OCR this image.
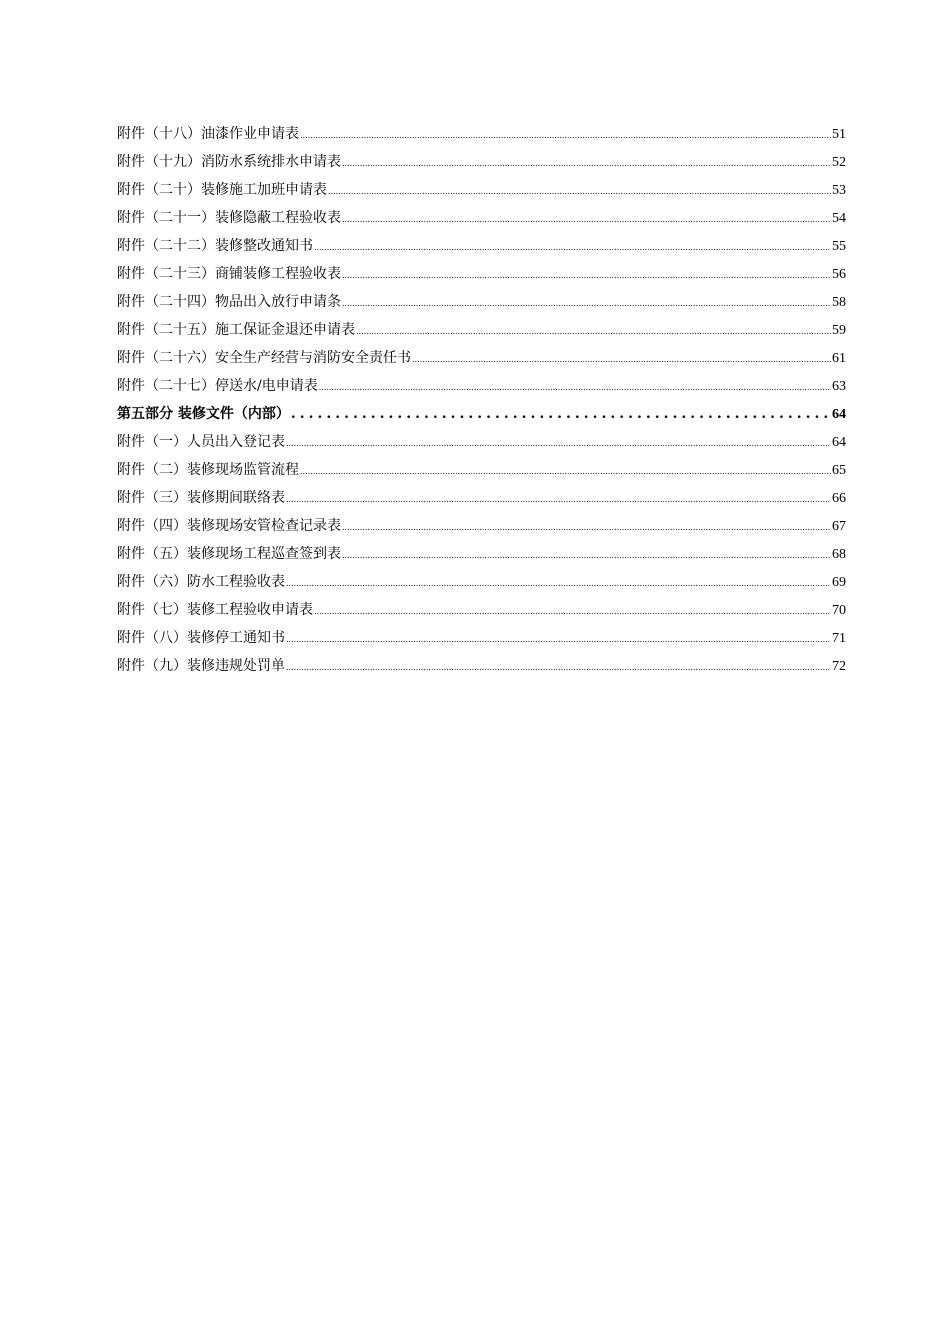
附件（十八）油漆作业申请表 .....	51
附件（十九）消防水系统排水申请表 .....	52
附件（二十）装修施工加班申请表 .....	53
附件（二十一）装修隐蔽工程验收表 .....	54
附件（二十二）装修整改通知书 .....	55
附件（二十三）商铺装修工程验收表 .....	56
附件（二十四）物品出入放行申请条 .....	58
附件（二十五）施工保证金退还申请表 .....	59
附件（二十六）安全生产经营与消防安全责任书 .....	61
附件（二十七）停送水/电申请表 .....	63
第五部分 装修文件（内部） .....	64
附件（一）人员出入登记表 .....	64
附件（二）装修现场监管流程 .....	65
附件（三）装修期间联络表 .....	66
附件（四）装修现场安管检查记录表 .....	67
附件（五）装修现场工程巡查签到表 .....	68
附件（六）防水工程验收表 .....	69
附件（七）装修工程验收申请表 .....	70
附件（八）装修停工通知书 .....	71
附件（九）装修违规处罚单 .....	72
